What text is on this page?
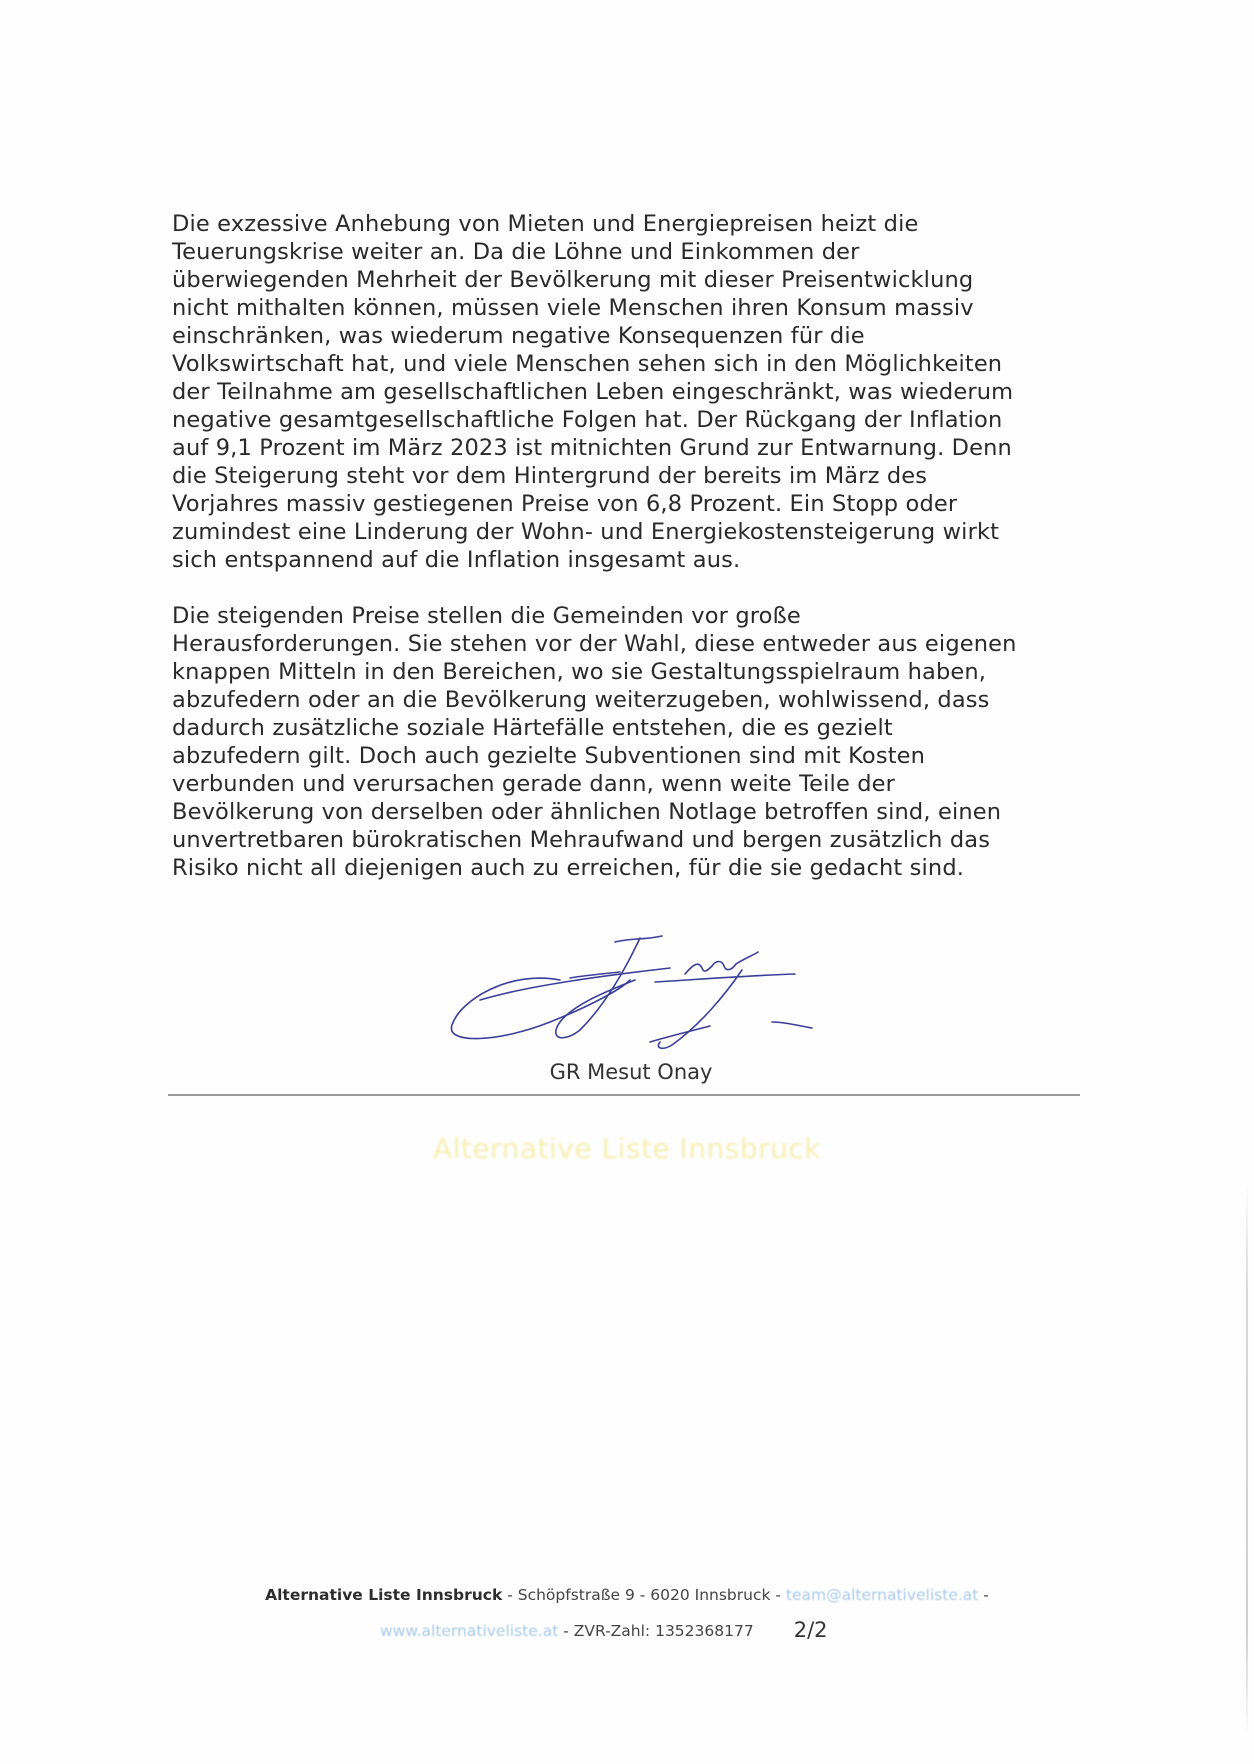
Die exzessive Anhebung von Mieten und Energiepreisen heizt die
Teuerungskrise weiter an. Da die Löhne und Einkommen der
überwiegenden Mehrheit der Bevölkerung mit dieser Preisentwicklung
nicht mithalten können, müssen viele Menschen ihren Konsum massiv
einschränken, was wiederum negative Konsequenzen für die
Volkswirtschaft hat, und viele Menschen sehen sich in den Möglichkeiten
der Teilnahme am gesellschaftlichen Leben eingeschränkt, was wiederum
negative gesamtgesellschaftliche Folgen hat. Der Rückgang der Inflation
auf 9,1 Prozent im März 2023 ist mitnichten Grund zur Entwarnung. Denn
die Steigerung steht vor dem Hintergrund der bereits im März des
Vorjahres massiv gestiegenen Preise von 6,8 Prozent. Ein Stopp oder
zumindest eine Linderung der Wohn- und Energiekostensteigerung wirkt
sich entspannend auf die Inflation insgesamt aus.

Die steigenden Preise stellen die Gemeinden vor große
Herausforderungen. Sie stehen vor der Wahl, diese entweder aus eigenen
knappen Mitteln in den Bereichen, wo sie Gestaltungsspielraum haben,
abzufedern oder an die Bevölkerung weiterzugeben, wohlwissend, dass
dadurch zusätzliche soziale Härtefälle entstehen, die es gezielt
abzufedern gilt. Doch auch gezielte Subventionen sind mit Kosten
verbunden und verursachen gerade dann, wenn weite Teile der
Bevölkerung von derselben oder ähnlichen Notlage betroffen sind, einen
unvertretbaren bürokratischen Mehraufwand und bergen zusätzlich das
Risiko nicht all diejenigen auch zu erreichen, für die sie gedacht sind.

GR Mesut Onay
Alternative Liste Innsbruck
Alternative Liste Innsbruck - Schöpfstraße 9 - 6020 Innsbruck - team@alternativeliste.at -
www.alternativeliste.at - ZVR-Zahl: 1352368177 2/2
